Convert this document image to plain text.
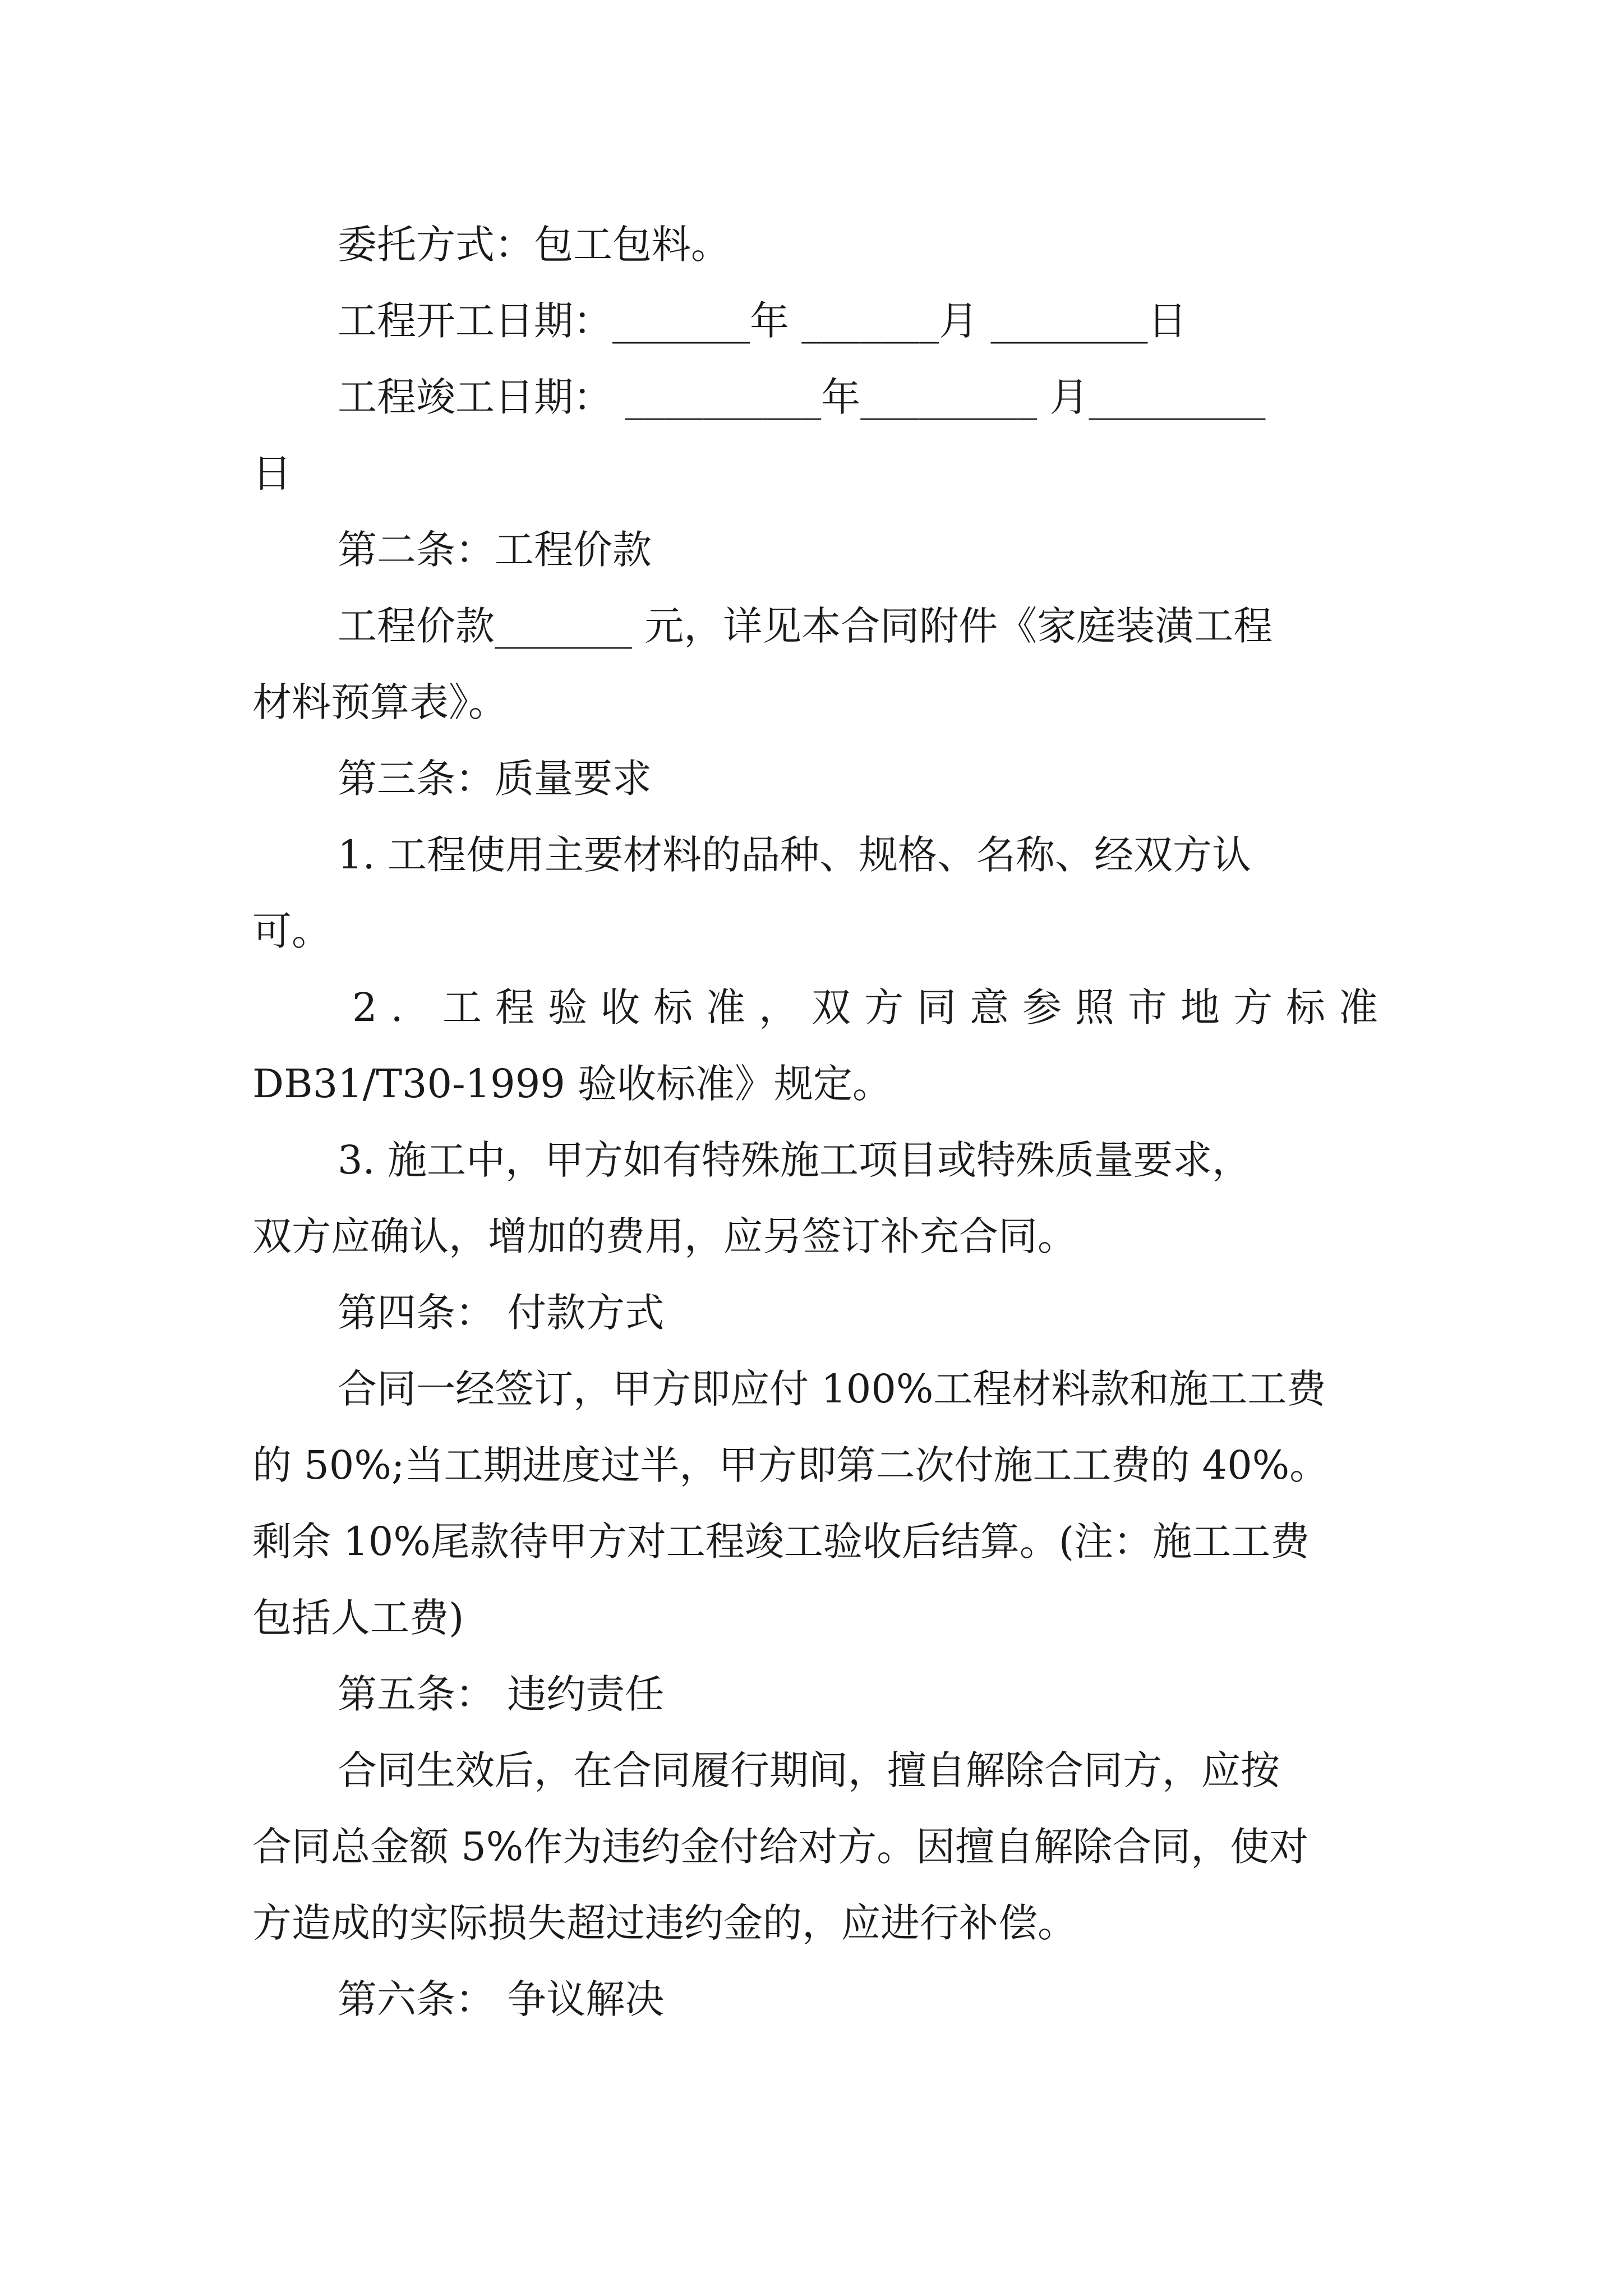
委托方式：包工包料。
工程开工日期：_______年 _______月 ________日
工程竣工日期： __________年_________ 月_________
日
第二条：工程价款
工程价款_______ 元，详见本合同附件《家庭装潢工程
材料预算表》。
第三条：质量要求
1. 工程使用主要材料的品种、规格、名称、经双方认
可。
2. 工程验收标准，双方同意参照市地方标准
DB31/T30-1999 验收标准》规定。
3. 施工中，甲方如有特殊施工项目或特殊质量要求，
双方应确认，增加的费用，应另签订补充合同。
第四条： 付款方式
合同一经签订，甲方即应付 100%工程材料款和施工工费
的 50%;当工期进度过半，甲方即第二次付施工工费的 40%。
剩余 10%尾款待甲方对工程竣工验收后结算。(注：施工工费
包括人工费)
第五条： 违约责任
合同生效后，在合同履行期间，擅自解除合同方，应按
合同总金额 5%作为违约金付给对方。因擅自解除合同，使对
方造成的实际损失超过违约金的，应进行补偿。
第六条： 争议解决
